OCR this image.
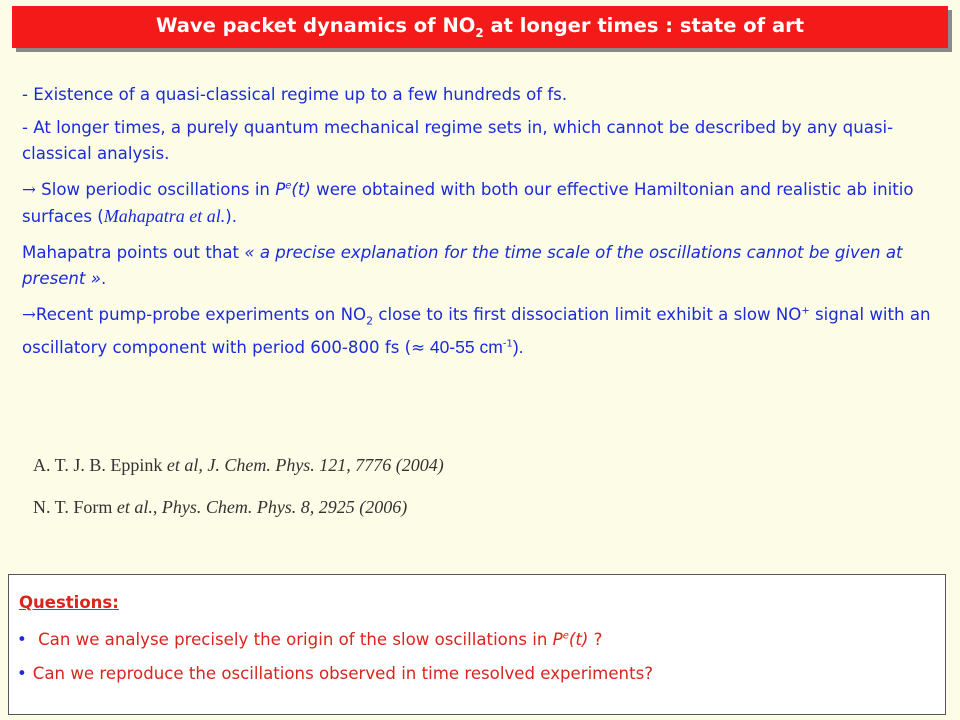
Wave packet dynamics of $NO_2$ at longer times : state of art

- Existence of a quasi-classical regime up to a few hundreds of fs.

- At longer times, a purely quantum mechanical regime sets in, which cannot be described by any quasi-classical analysis.

→ Slow periodic oscillations in $P^e(t)$ were obtained with both our effective Hamiltonian and realistic ab initio surfaces (Mahapatra et al.).

Mahapatra points out that « a precise explanation for the time scale of the oscillations cannot be given at present ».

→Recent pump-probe experiments on $NO_2$ close to its first dissociation limit exhibit a slow NO+ signal with an oscillatory component with period 600-800 fs (≈ 40-55 $cm^{-1}$).

A. T. J. B. Eppink et al, J. Chem. Phys. 121, 7776 (2004)
N. T. Form et al., Phys. Chem. Phys. 8, 2925 (2006)
Questions:
• Can we analyse precisely the origin of the slow oscillations in $P^e(t)$ ?
• Can we reproduce the oscillations observed in time resolved experiments?
